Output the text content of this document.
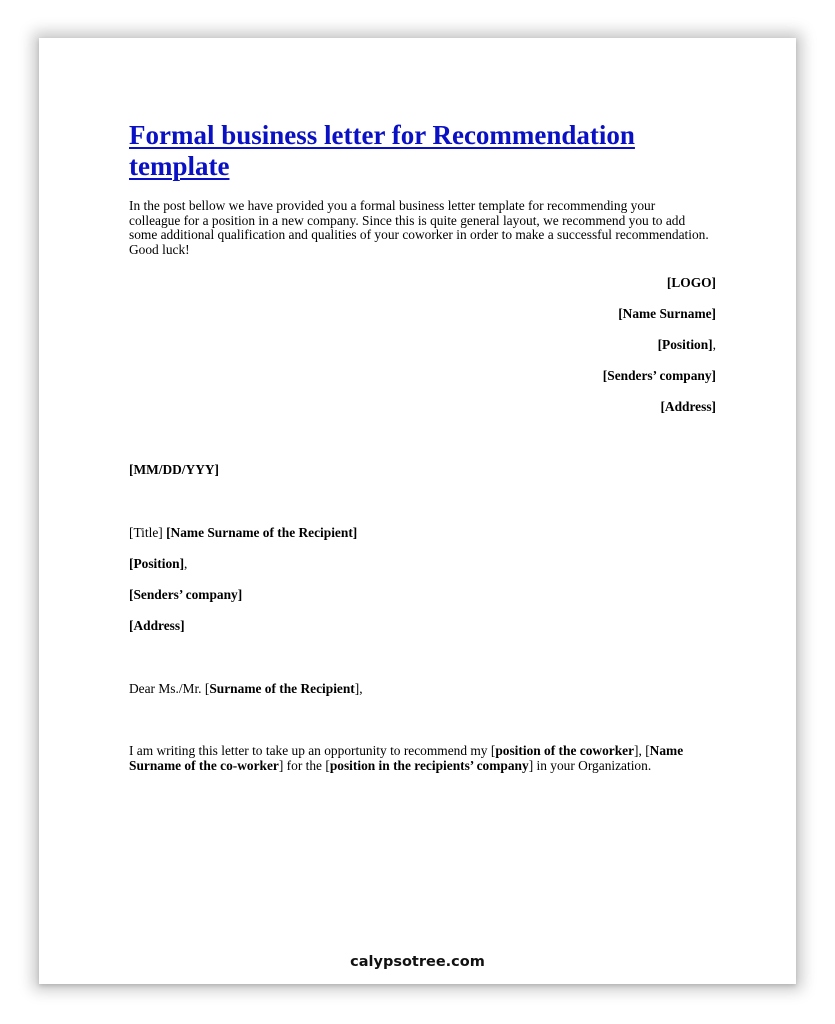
Formal business letter for Recommendation template

In the post bellow we have provided you a formal business letter template for recommending your colleague for a position in a new company. Since this is quite general layout, we recommend you to add some additional qualification and qualities of your coworker in order to make a successful recommendation. Good luck!

[LOGO]
[Name Surname]
[Position],
[Senders’ company]
[Address]
[MM/DD/YYY]
[Title] [Name Surname of the Recipient]
[Position],
[Senders’ company]
[Address]
Dear Ms./Mr. [Surname of the Recipient],

I am writing this letter to take up an opportunity to recommend my [position of the coworker], [Name Surname of the co-worker] for the [position in the recipients’ company] in your Organization.

calypsotree.com
